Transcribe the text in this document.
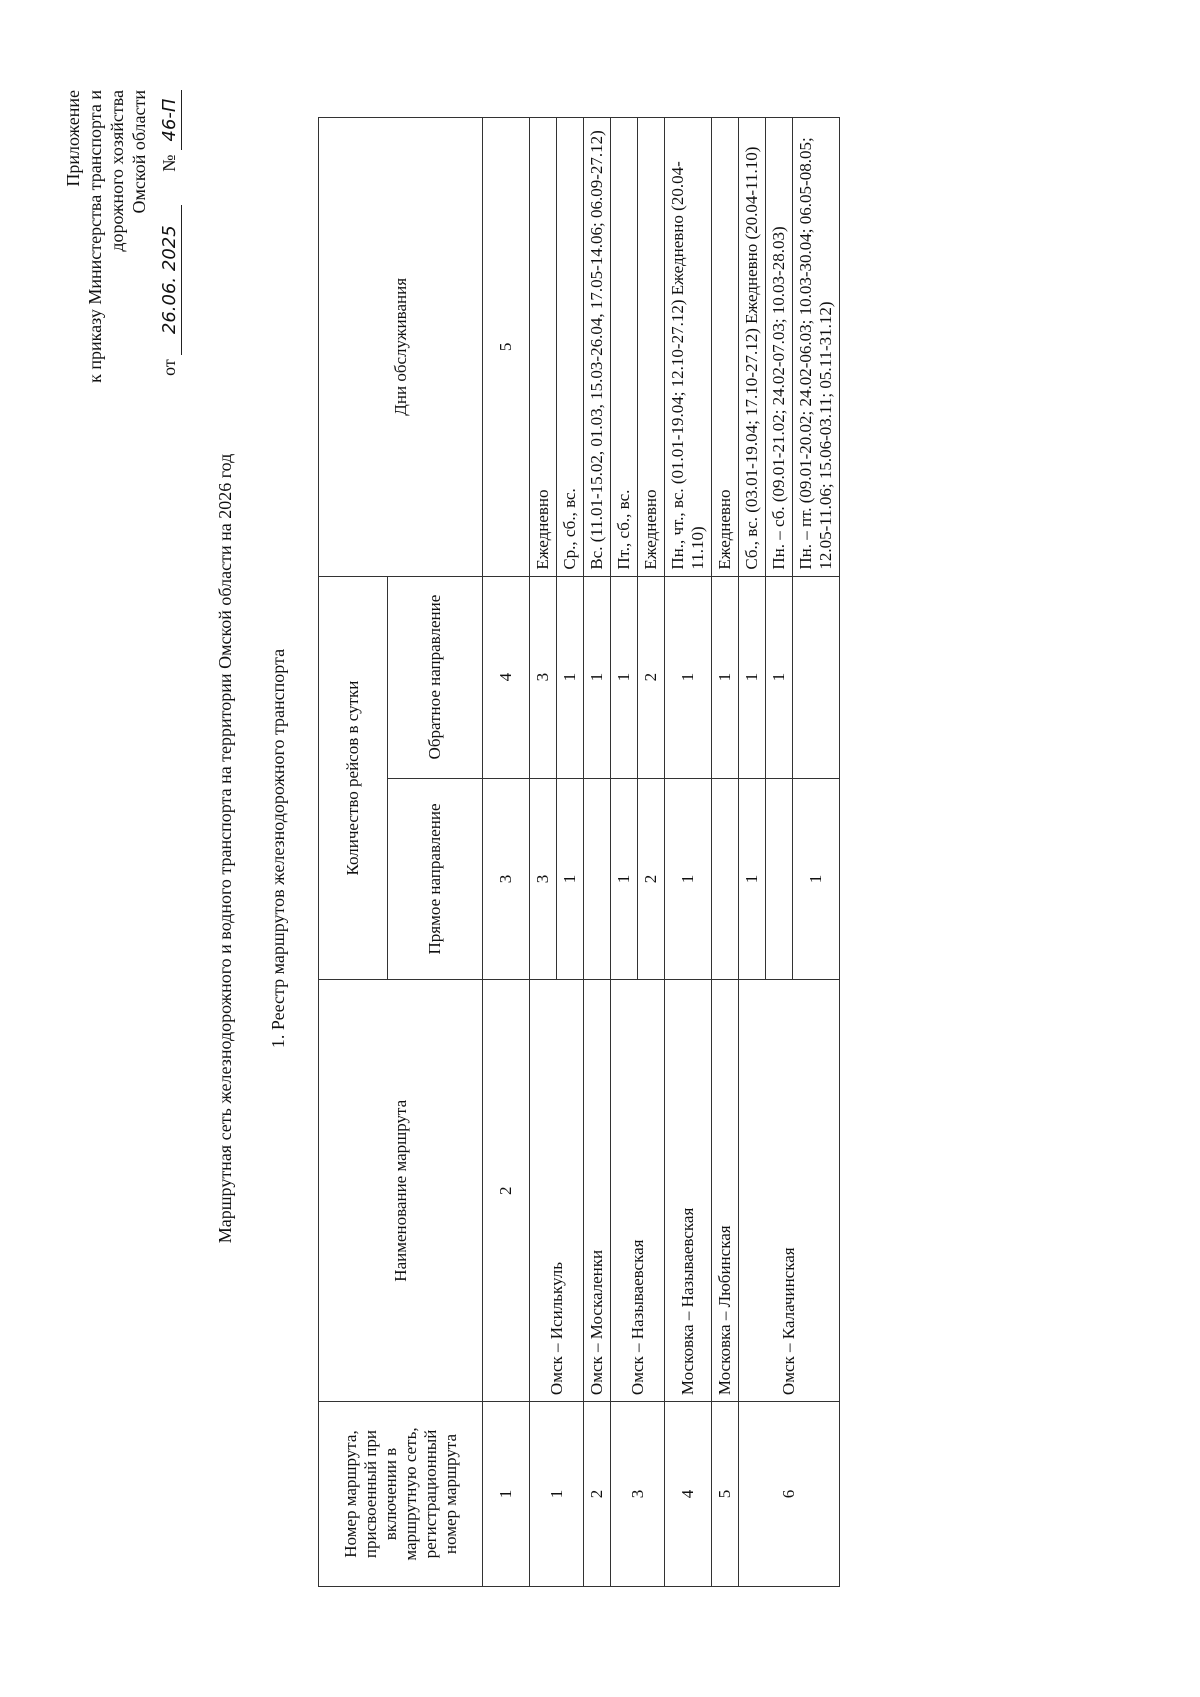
Приложение к приказу Министерства транспорта и дорожного хозяйства Омской области
от 26.06. 2025  № 46-П
Маршрутная сеть железнодорожного и водного транспорта на территории Омской области на 2026 год 1. Реестр маршрутов железнодорожного транспорта
Номер маршрута, присвоенный при включении в маршрутную сеть, регистрационный номер маршрута	Наименование маршрута	Количество рейсов в сутки		Дни обслуживания
		Прямое направление	Обратное направление	
1	2	3	4	5
1	Омск – Исилькуль	3	3	Ежедневно
		1	1	Ср., сб., вс.
2	Омск – Москаленки		1	Вс. (11.01-15.02, 01.03, 15.03-26.04, 17.05-14.06; 06.09-27.12)
3	Омск – Называевская	1	1	Пт., сб., вс.
		2	2	Ежедневно
4	Московка – Называевская	1	1	Пн., чт., вс. (01.01-19.04; 12.10-27.12) Ежедневно (20.04-11.10)
5	Московка – Любинская		1	Ежедневно
6	Омск – Калачинская	1	1	Сб., вс. (03.01-19.04; 17.10-27.12) Ежедневно (20.04-11.10)
			1	Пн. – сб. (09.01-21.02; 24.02-07.03; 10.03-28.03)
		1		Пн. – пт. (09.01-20.02; 24.02-06.03; 10.03-30.04; 06.05-08.05; 12.05-11.06; 15.06-03.11; 05.11-31.12)
